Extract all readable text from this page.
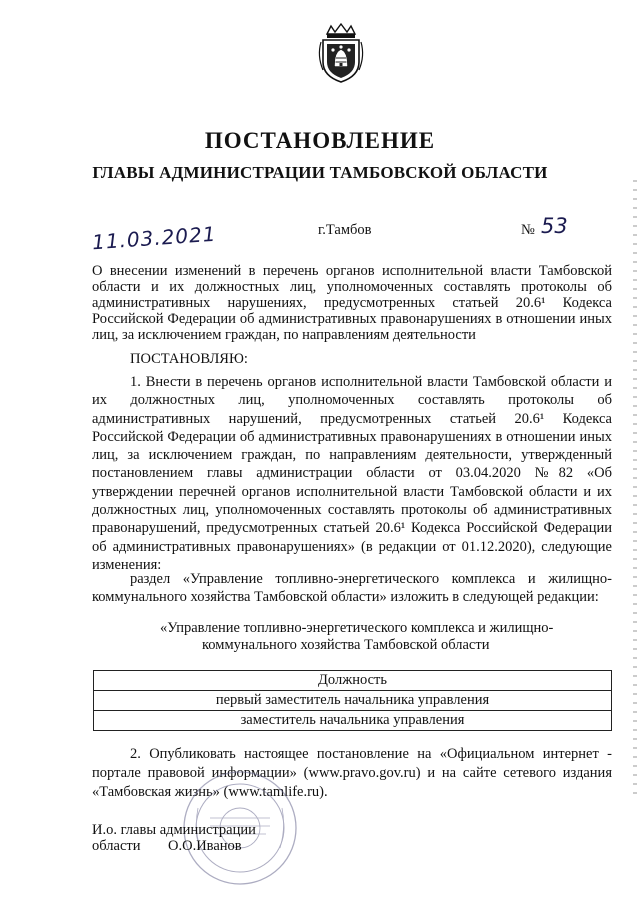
ПОСТАНОВЛЕНИЕ
ГЛАВЫ АДМИНИСТРАЦИИ ТАМБОВСКОЙ ОБЛАСТИ
11.03.2021	г.Тамбов	№ 53
О внесении изменений в перечень органов исполнительной власти Тамбовской области и их должностных лиц, уполномоченных составлять протоколы об административных нарушениях, предусмотренных статьей 20.6¹ Кодекса Российской Федерации об административных правонарушениях в отношении иных лиц, за исключением граждан, по направлениям деятельности
ПОСТАНОВЛЯЮ:
1. Внести в перечень органов исполнительной власти Тамбовской области и их должностных лиц, уполномоченных составлять протоколы об административных нарушений, предусмотренных статьей 20.6¹ Кодекса Российской Федерации об административных правонарушениях в отношении иных лиц, за исключением граждан, по направлениям деятельности, утвержденный постановлением главы администрации области от 03.04.2020 №82 «Об утверждении перечней органов исполнительной власти Тамбовской области и их должностных лиц, уполномоченных составлять протоколы об административных правонарушений, предусмотренных статьей 20.6¹ Кодекса Российской Федерации об административных правонарушениях» (в редакции от 01.12.2020), следующие изменения:
раздел «Управление топливно-энергетического комплекса и жилищно-коммунального хозяйства Тамбовской области» изложить в следующей редакции:
«Управление топливно-энергетического комплекса и жилищно-
коммунального хозяйства Тамбовской области
Должность
первый заместитель начальника управления
заместитель начальника управления
2. Опубликовать настоящее постановление на «Официальном интернет - портале правовой информации» (www.pravo.gov.ru) и на сайте сетевого издания «Тамбовская жизнь» (www.tamlife.ru).
И.о. главы администрации
области О.О.Иванов
